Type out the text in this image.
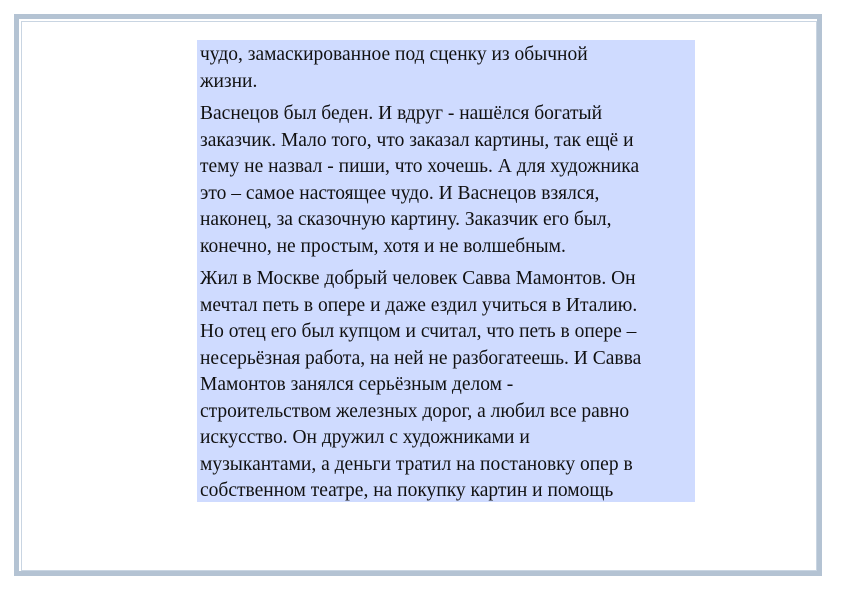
чудо, замаскированное под сценку из обычной
жизни.

Васнецов был беден. И вдруг - нашёлся богатый
заказчик. Мало того, что заказал картины, так ещё и
тему не назвал - пиши, что хочешь. А для художника
это – самое настоящее чудо. И Васнецов взялся,
наконец, за сказочную картину. Заказчик его был,
конечно, не простым, хотя и не волшебным.

Жил в Москве добрый человек Савва Мамонтов. Он
мечтал петь в опере и даже ездил учиться в Италию.
Но отец его был купцом и считал, что петь в опере –
несерьёзная работа, на ней не разбогатеешь. И Савва
Мамонтов занялся серьёзным делом -
строительством железных дорог, а любил все равно
искусство. Он дружил с художниками и
музыкантами, а деньги тратил на постановку опер в
собственном театре, на покупку картин и помощь
